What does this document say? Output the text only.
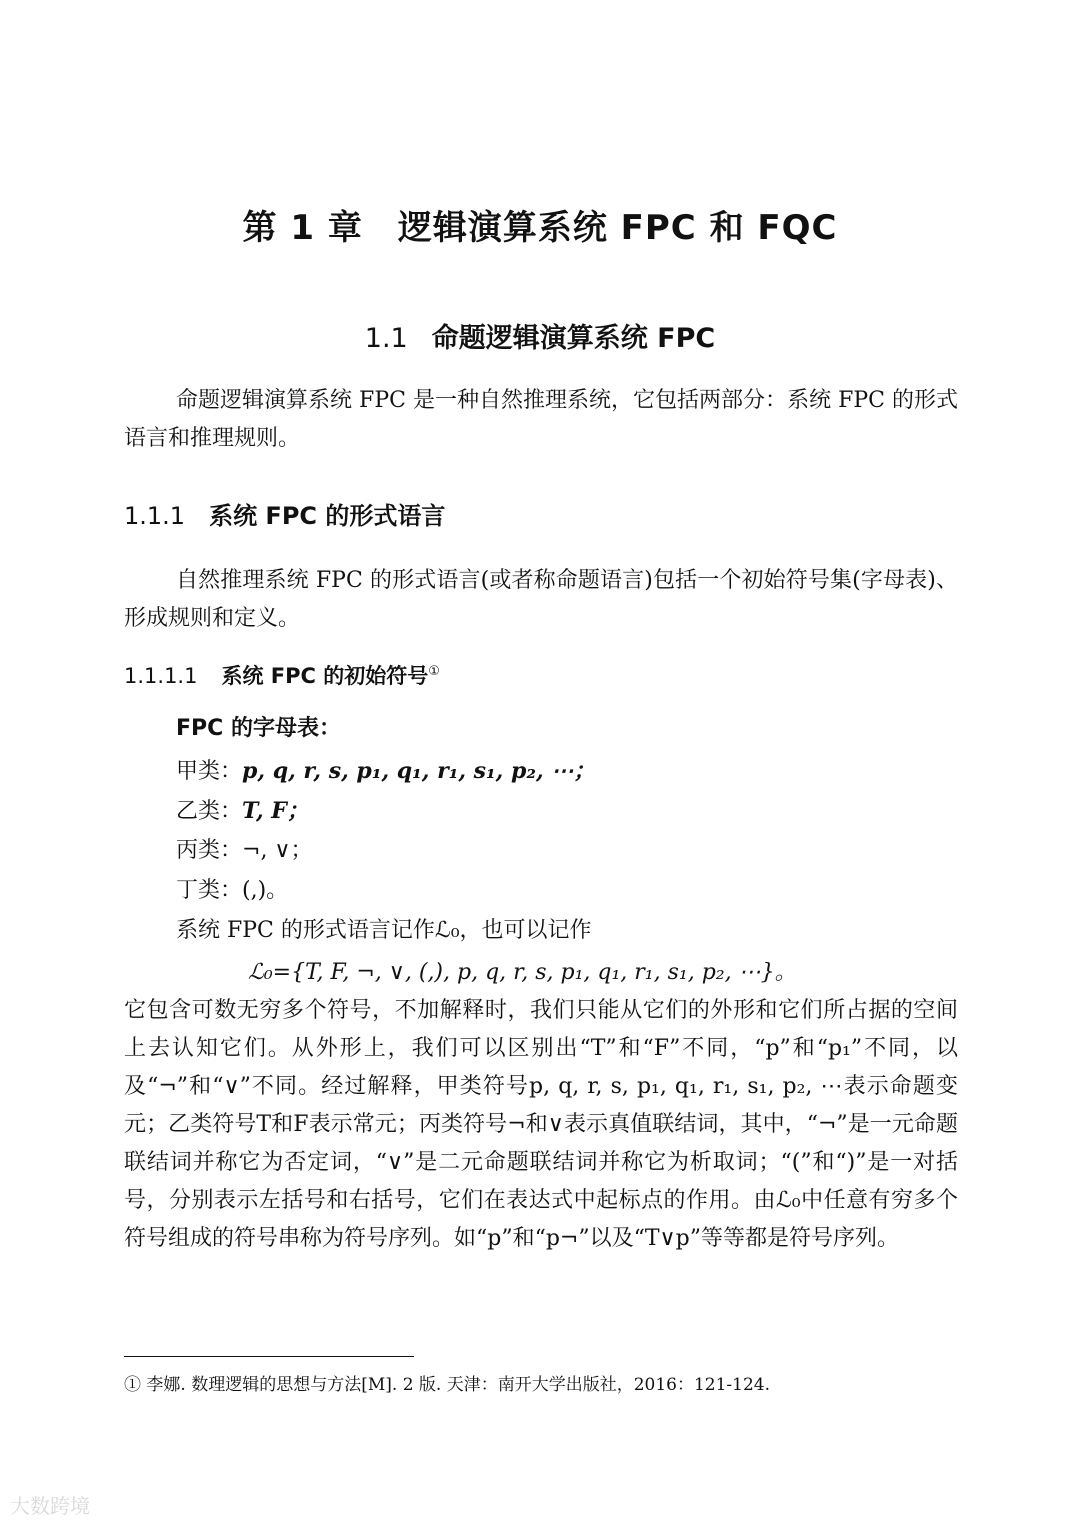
第 1 章　逻辑演算系统 FPC 和 FQC
1.1 命题逻辑演算系统 FPC

命题逻辑演算系统 FPC 是一种自然推理系统，它包括两部分：系统 FPC 的形式语言和推理规则。

1.1.1 系统 FPC 的形式语言

自然推理系统 FPC 的形式语言(或者称命题语言)包括一个初始符号集(字母表)、形成规则和定义。

1.1.1.1 系统 FPC 的初始符号①

FPC 的字母表：

甲类：p, q, r, s, p₁, q₁, r₁, s₁, p₂, ⋯；

乙类：T, F；

丙类：¬, ∨；

丁类：(,)。

系统 FPC 的形式语言记作ℒ₀，也可以记作

ℒ₀={T, F, ¬, ∨, (,), p, q, r, s, p₁, q₁, r₁, s₁, p₂, ⋯}。

它包含可数无穷多个符号，不加解释时，我们只能从它们的外形和它们所占据的空间上去认知它们。从外形上，我们可以区别出“T”和“F”不同，“p”和“p₁”不同，以及“¬”和“∨”不同。经过解释，甲类符号p, q, r, s, p₁, q₁, r₁, s₁, p₂, ⋯表示命题变元；乙类符号T和F表示常元；丙类符号¬和∨表示真值联结词，其中，“¬”是一元命题联结词并称它为否定词，“∨”是二元命题联结词并称它为析取词；“(”和“)”是一对括号，分别表示左括号和右括号，它们在表达式中起标点的作用。由ℒ₀中任意有穷多个符号组成的符号串称为符号序列。如“p”和“p¬”以及“T∨p”等等都是符号序列。

① 李娜. 数理逻辑的思想与方法[M]. 2 版. 天津：南开大学出版社，2016：121-124.

大数跨境
